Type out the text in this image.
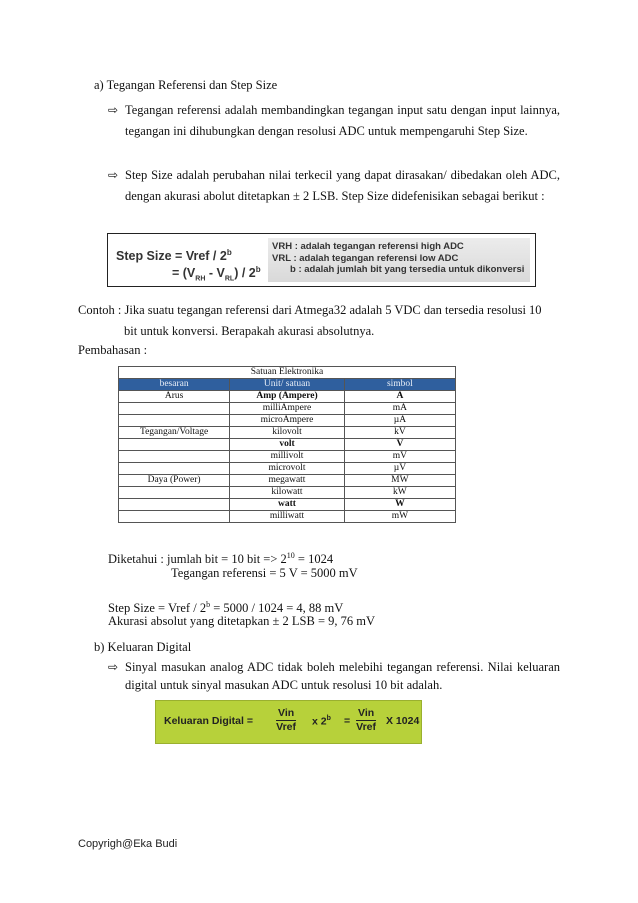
a) Tegangan Referensi dan Step Size
⇨ Tegangan referensi adalah membandingkan tegangan input satu dengan input lainnya, tegangan ini dihubungkan dengan resolusi ADC untuk mempengaruhi Step Size.
⇨ Step Size adalah perubahan nilai terkecil yang dapat dirasakan/ dibedakan oleh ADC, dengan akurasi abolut ditetapkan ± 2 LSB. Step Size didefenisikan sebagai berikut :
Step Size = Vref / $2^b$
= $(V_{RH} - V_{RL}) / 2^b$
VRH : adalah tegangan referensi high ADC
VRL : adalah tegangan referensi low ADC
b : adalah jumlah bit yang tersedia untuk dikonversi
Contoh : Jika suatu tegangan referensi dari Atmega32 adalah 5 VDC dan tersedia resolusi 10
bit untuk konversi. Berapakah akurasi absolutnya.
Pembahasan :
Satuan Elektronika		
besaran	Unit/ satuan	simbol
Arus	Amp (Ampere)	A
	milliAmpere	mA
	microAmpere	µA
Tegangan/Voltage	kilovolt	kV
	volt	V
	millivolt	mV
	microvolt	µV
Daya (Power)	megawatt	MW
	kilowatt	kW
	watt	W
	milliwatt	mW
Diketahui : jumlah bit = 10 bit => $2^{10} = 1024$
Tegangan referensi = 5 V = 5000 mV
Step Size = Vref / $2^b = 5000 / 1024 = 4$, 88 mV
Akurasi absolut yang ditetapkan ± 2 LSB = 9, 76 mV
b) Keluaran Digital
⇨ Sinyal masukan analog ADC tidak boleh melebihi tegangan referensi. Nilai keluaran digital untuk sinyal masukan ADC untuk resolusi 10 bit adalah.
Keluaran Digital =
Vin
Vref x $2^b$ =
Vin
Vref X 1024
Copyrigh@Eka Budi
